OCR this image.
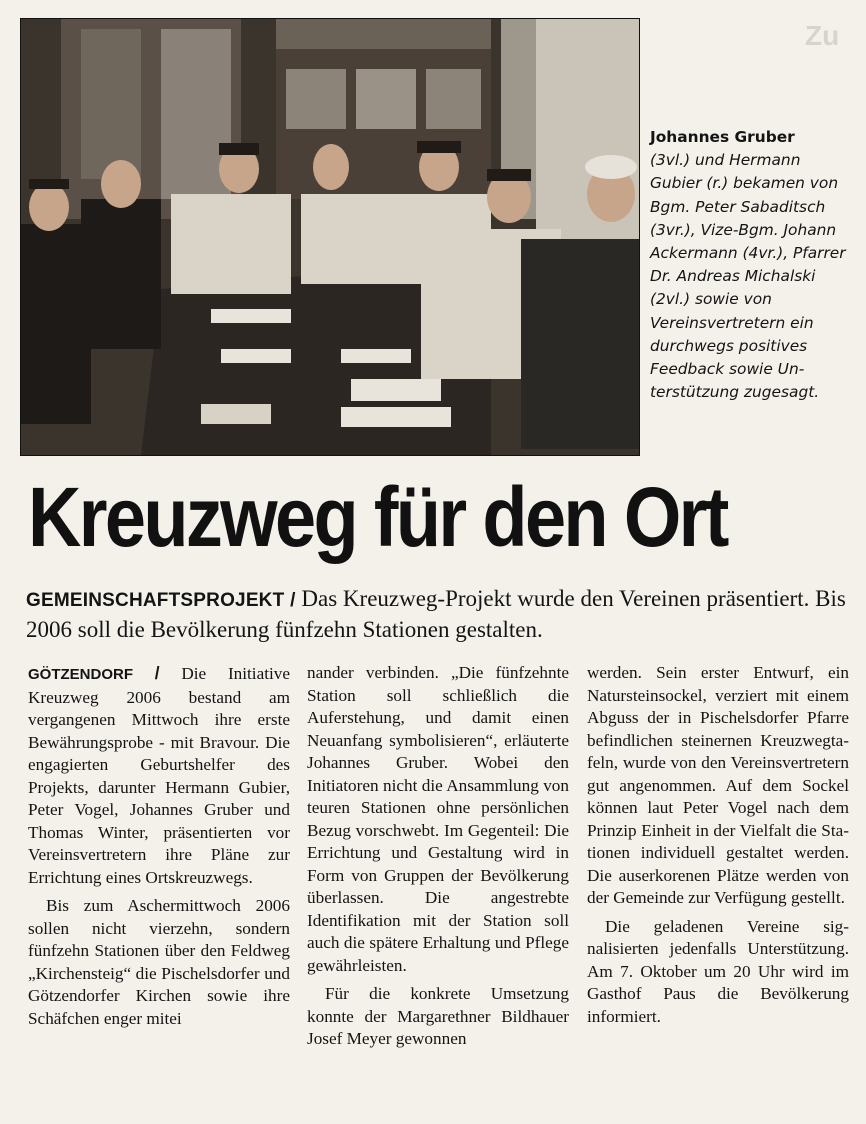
Zu
Johannes Gruber
(3vl.) und Hermann Gubier (r.) bekamen von Bgm. Peter Sabaditsch (3vr.), Vize-Bgm. Johann Ackermann (4vr.), Pfarrer Dr. Andreas Michalski (2vl.) sowie von Vereinsvertretern ein durchwegs positives Feedback sowie Unterstützung zugesagt.
Kreuzweg für den Ort
GEMEINSCHAFTSPROJEKT / Das Kreuzweg-Projekt wurde den Vereinen präsentiert. Bis 2006 soll die Bevölkerung fünfzehn Stationen gestalten.

GÖTZENDORF / Die Initiative Kreuzweg 2006 bestand am vergangenen Mittwoch ihre erste Bewährungsprobe - mit Bravour. Die engagierten Geburtshelfer des Projekts, darunter Hermann Gubier, Peter Vogel, Johannes Gruber und Thomas Winter, präsentierten vor Vereinsvertretern ihre Pläne zur Errichtung eines Ortskreuzwegs.

Bis zum Aschermittwoch 2006 sollen nicht vierzehn, sondern fünfzehn Stationen über den Feldweg „Kirchensteig“ die Pischelsdorfer und Götzendorfer Kirchen sowie ihre Schäfchen enger mitei

nander verbinden. „Die fünfzehnte Station soll schließlich die Auferstehung, und damit einen Neuanfang symbolisieren“, erläuterte Johannes Gruber. Wobei den Initiatoren nicht die Ansammlung von teuren Stationen ohne persönlichen Bezug vorschwebt. Im Gegenteil: Die Errichtung und Gestaltung wird in Form von Gruppen der Bevölkerung überlassen. Die angestrebte Identifikation mit der Station soll auch die spätere Erhaltung und Pflege gewährleisten.

Für die konkrete Umsetzung konnte der Margarethner Bildhauer Josef Meyer gewonnen

werden. Sein erster Entwurf, ein Natursteinsockel, verziert mit einem Abguss der in Pischelsdorfer Pfarre befindlichen steinernen Kreuzwegtafeln, wurde von den Vereinsvertretern gut angenommen. Auf dem Sockel können laut Peter Vogel nach dem Prinzip Einheit in der Vielfalt die Stationen individuell gestaltet werden. Die auserkorenen Plätze werden von der Gemeinde zur Verfügung gestellt.

Die geladenen Vereine signalisierten jedenfalls Unterstützung. Am 7. Oktober um 20 Uhr wird im Gasthof Paus die Bevölkerung informiert.
